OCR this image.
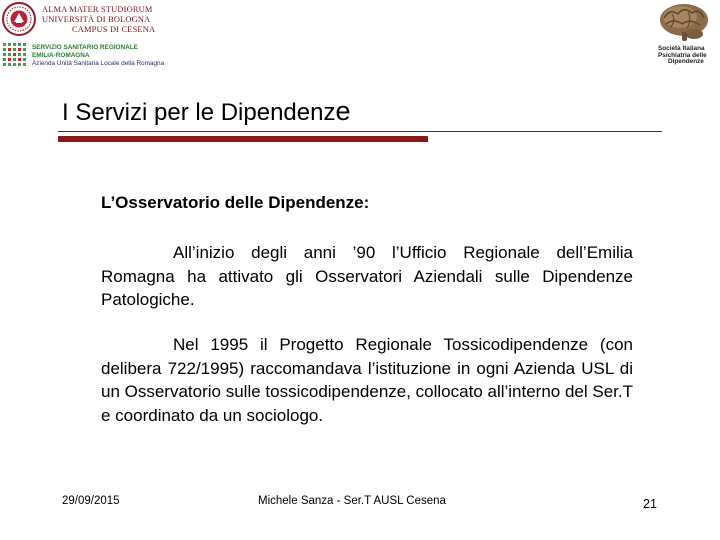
ALMA MATER STUDIORUM
UNIVERSITÀ DI BOLOGNA
CAMPUS DI CESENA
SERVIZIO SANITARIO REGIONALE
EMILIA-ROMAGNA
Azienda Unità Sanitaria Locale della Romagna
Società Italiana
Psichiatria delle
Dipendenze
I Servizi per le Dipendenze
L’Osservatorio delle Dipendenze:

All’inizio degli anni ’90 l’Ufficio Regionale dell’Emilia Romagna ha attivato gli Osservatori Aziendali sulle Dipendenze Patologiche.

Nel 1995 il Progetto Regionale Tossicodipendenze (con delibera 722/1995) raccomandava l’istituzione in ogni Azienda USL di un Osservatorio sulle tossicodipendenze, collocato all’interno del Ser.T e coordinato da un sociologo.

29/09/2015	Michele Sanza - Ser.T AUSL Cesena	21
